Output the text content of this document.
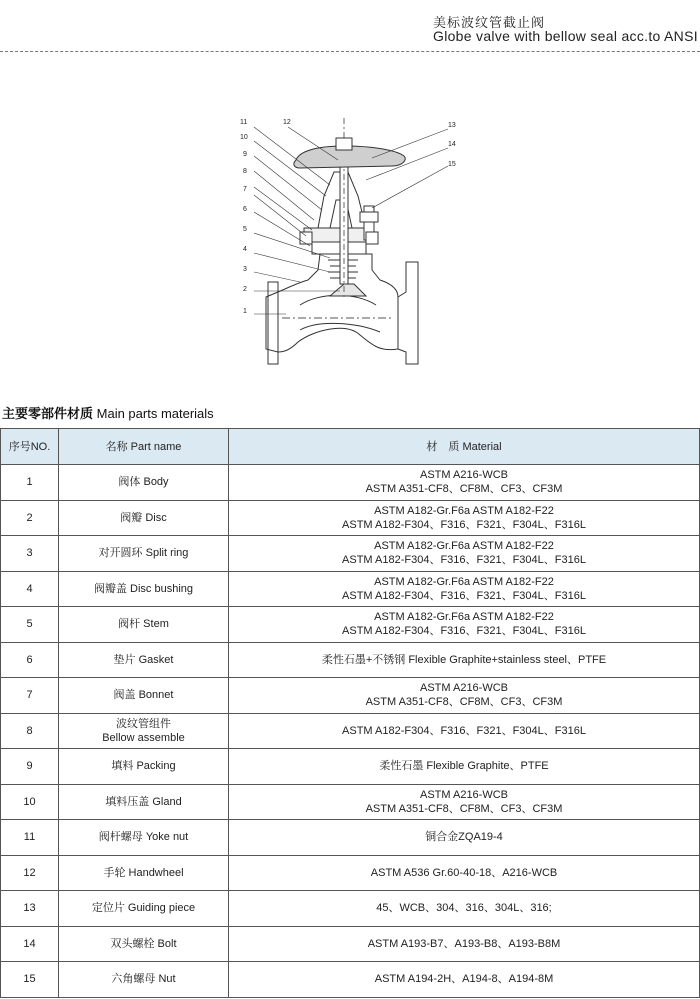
美标波纹管截止阀
Globe valve with bellow seal acc.to ANSI
11
10
9
8
7
6
5
4
3
2
1
12	13
14
15
主要零部件材质 Main parts materials
序号NO.	名称 Part name	材　质 Material
1	阀体 Body	ASTM A216-WCB
ASTM A351-CF8、CF8M、CF3、CF3M

2	阀瓣 Disc	ASTM A182-Gr.F6a ASTM A182-F22
ASTM A182-F304、F316、F321、F304L、F316L

3	对开圆环 Split ring	ASTM A182-Gr.F6a ASTM A182-F22
ASTM A182-F304、F316、F321、F304L、F316L

4	阀瓣盖 Disc bushing	ASTM A182-Gr.F6a ASTM A182-F22
ASTM A182-F304、F316、F321、F304L、F316L

5	阀杆 Stem	ASTM A182-Gr.F6a ASTM A182-F22
ASTM A182-F304、F316、F321、F304L、F316L

6	垫片 Gasket	柔性石墨+不锈钢 Flexible Graphite+stainless steel、PTFE

7	阀盖 Bonnet	ASTM A216-WCB
ASTM A351-CF8、CF8M、CF3、CF3M

8	波纹管组件
Bellow assemble	ASTM A182-F304、F316、F321、F304L、F316L

9	填料 Packing	柔性石墨 Flexible Graphite、PTFE

10	填料压盖 Gland	ASTM A216-WCB
ASTM A351-CF8、CF8M、CF3、CF3M

11	阀杆螺母 Yoke nut	铜合金ZQA19-4

12	手轮 Handwheel	ASTM A536 Gr.60-40-18、A216-WCB

13	定位片 Guiding piece	45、WCB、304、316、304L、316;

14	双头螺栓 Bolt	ASTM A193-B7、A193-B8、A193-B8M

15	六角螺母 Nut	ASTM A194-2H、A194-8、A194-8M
